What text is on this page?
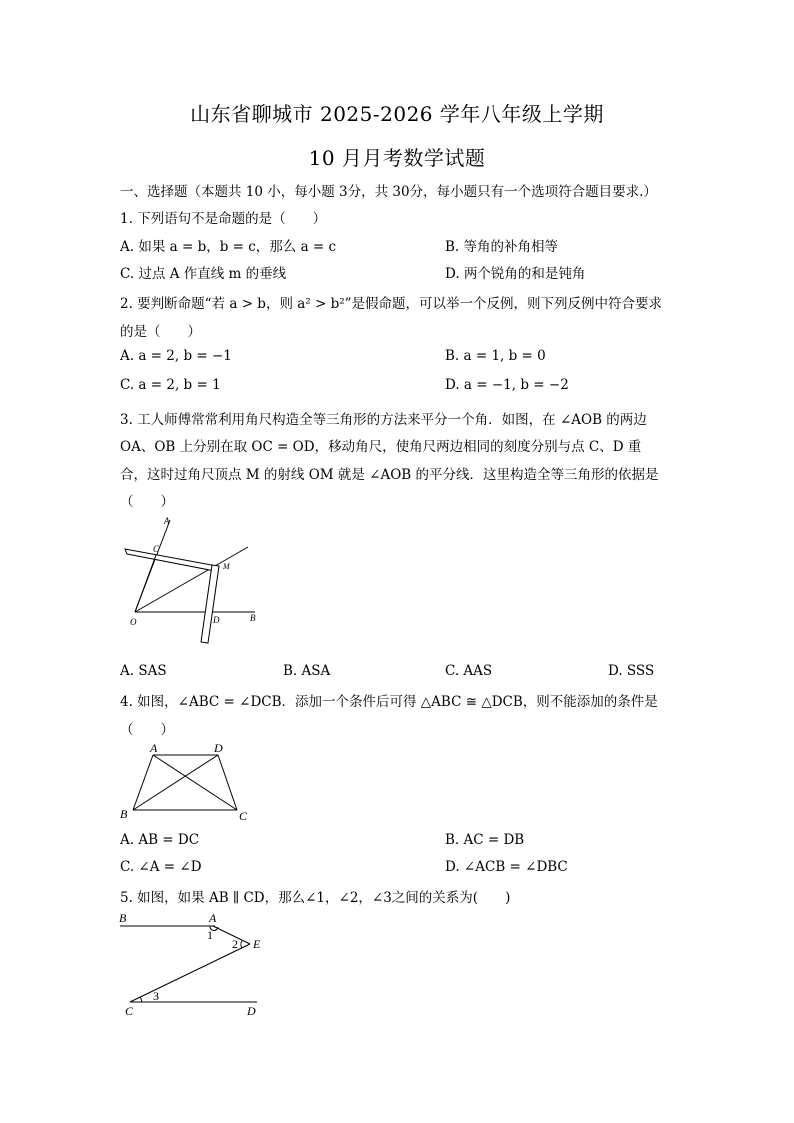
山东省聊城市 2025-2026 学年八年级上学期
10 月月考数学试题
一、选择题（本题共 10 小，每小题 3分，共 30分，每小题只有一个选项符合题目要求.）
1. 下列语句不是命题的是（　　）
A. 如果 a = b，b = c，那么 a = c	B. 等角的补角相等
C. 过点 A 作直线 m 的垂线	D. 两个锐角的和是钝角
2. 要判断命题“若 a > b，则 a² > b²”是假命题，可以举一个反例，则下列反例中符合要求
的是（　　）
A. a = 2, b = −1	B. a = 1, b = 0
C. a = 2, b = 1	D. a = −1, b = −2
3. 工人师傅常常利用角尺构造全等三角形的方法来平分一个角．如图，在 ∠AOB 的两边
OA、OB 上分别在取 OC = OD，移动角尺，使角尺两边相同的刻度分别与点 C、D 重
合，这时过角尺顶点 M 的射线 OM 就是 ∠AOB 的平分线．这里构造全等三角形的依据是
（　　）
A
C
M
O	D	B
A. SAS	B. ASA	C. AAS	D. SSS
4. 如图，∠ABC = ∠DCB．添加一个条件后可得 △ABC ≅ △DCB，则不能添加的条件是
（　　）
A	D
B	C
A. AB = DC	B. AC = DB
C. ∠A = ∠D	D. ∠ACB = ∠DBC
5. 如图，如果 AB ∥ CD，那么∠1，∠2，∠3之间的关系为(　　)
B	A
1
2 E
C
3
D
